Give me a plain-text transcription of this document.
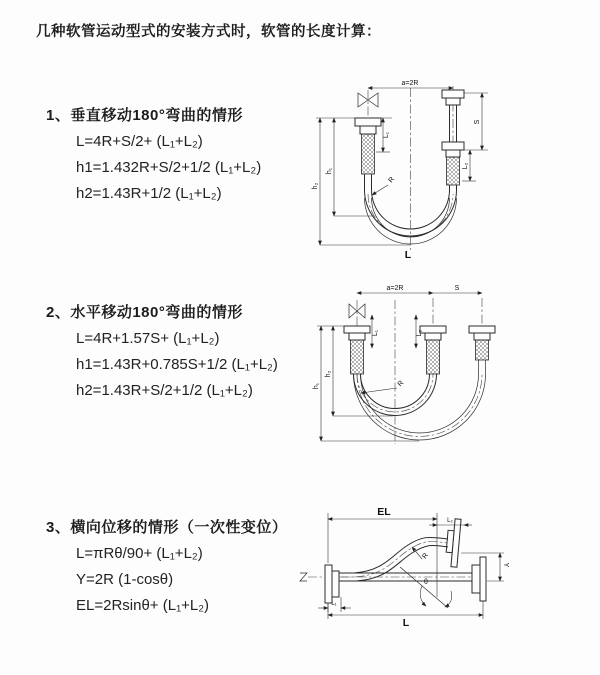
几种软管运动型式的安装方式时，软管的长度计算：
1、垂直移动180°弯曲的情形
L=4R+S/2+ (L₁+L₂)
h1=1.432R+S/2+1/2 (L₁+L₂)
h2=1.43R+1/2 (L₁+L₂)
2、水平移动180°弯曲的情形
L=4R+1.57S+ (L₁+L₂)
h1=1.43R+0.785S+1/2 (L₁+L₂)
h2=1.43R+S/2+1/2 (L₁+L₂)
3、横向位移的情形（一次性变位）
L=πRθ/90+ (L₁+L₂)
Y=2R (1-cosθ)
EL=2Rsinθ+ (L₁+L₂)
a=2R
h₂
h₁
L₁
S
L₂
R
L
a=2R	S
h₁
h₂
L₁	L₂
R
EL
L₂
θ
R
Y
L₁
L
